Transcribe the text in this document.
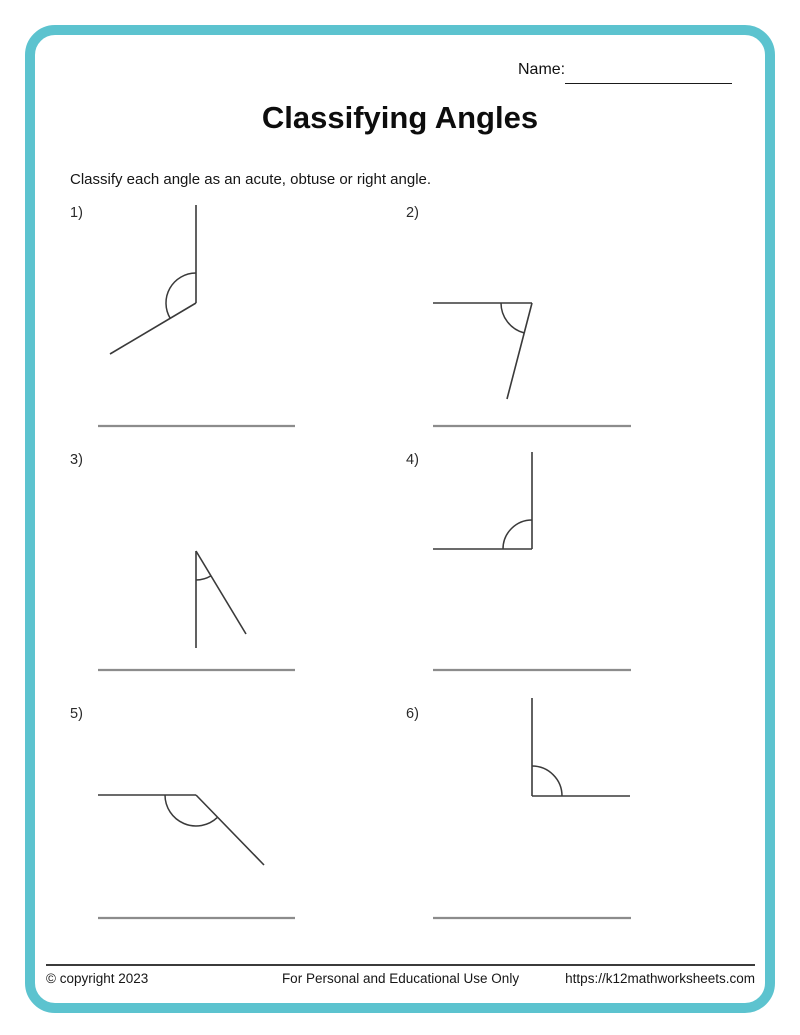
Name:
Classifying Angles
Classify each angle as an acute, obtuse or right angle.
1)	2)
3)	4)
5)	6)
© copyright 2023	For Personal and Educational Use Only	https://k12mathworksheets.com
